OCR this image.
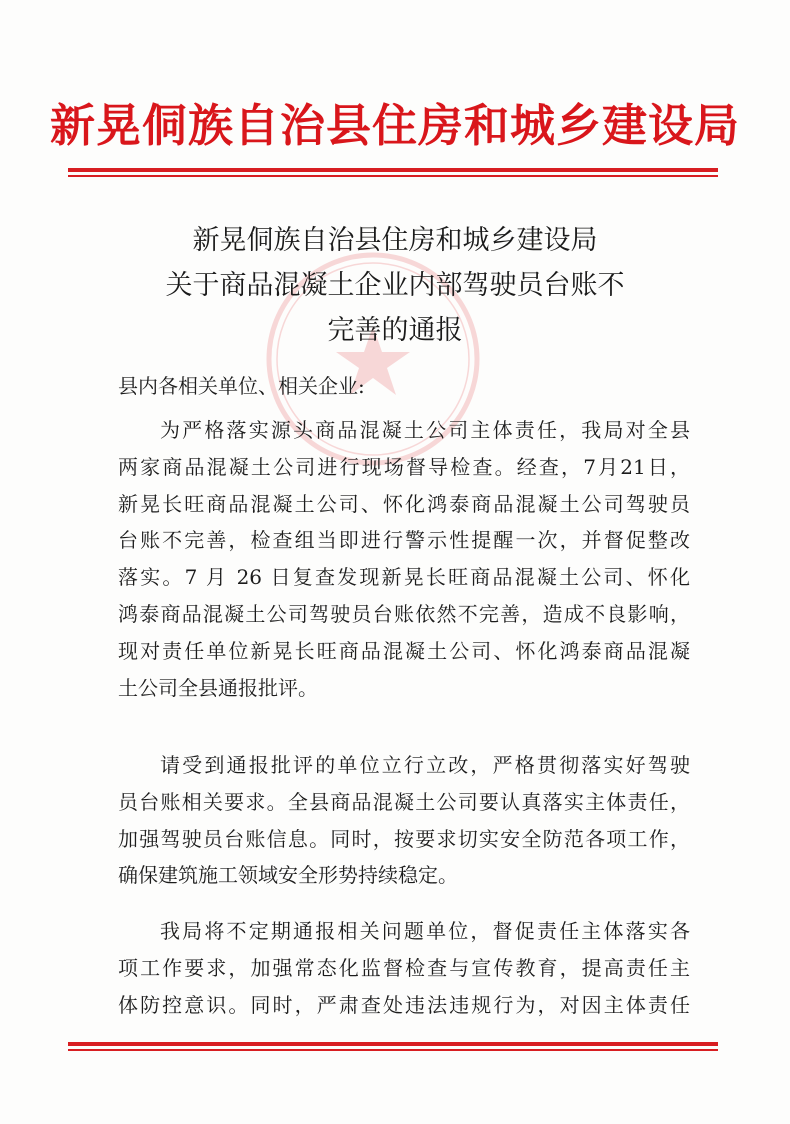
新晃侗族自治县住房和城乡建设局
新晃侗族自治县住房和城乡建设局
关于商品混凝土企业内部驾驶员台账不
完善的通报
县内各相关单位、相关企业:
为严格落实源头商品混凝土公司主体责任，我局对全县
两家商品混凝土公司进行现场督导检查。经查，7月21日，
新晃长旺商品混凝土公司、怀化鸿泰商品混凝土公司驾驶员
台账不完善，检查组当即进行警示性提醒一次，并督促整改
落实。7 月 26 日复查发现新晃长旺商品混凝土公司、怀化
鸿泰商品混凝土公司驾驶员台账依然不完善，造成不良影响，
现对责任单位新晃长旺商品混凝土公司、怀化鸿泰商品混凝
土公司全县通报批评。
请受到通报批评的单位立行立改，严格贯彻落实好驾驶
员台账相关要求。全县商品混凝土公司要认真落实主体责任，
加强驾驶员台账信息。同时，按要求切实安全防范各项工作，
确保建筑施工领域安全形势持续稳定。
我局将不定期通报相关问题单位，督促责任主体落实各
项工作要求，加强常态化监督检查与宣传教育，提高责任主
体防控意识。同时，严肃查处违法违规行为，对因主体责任
